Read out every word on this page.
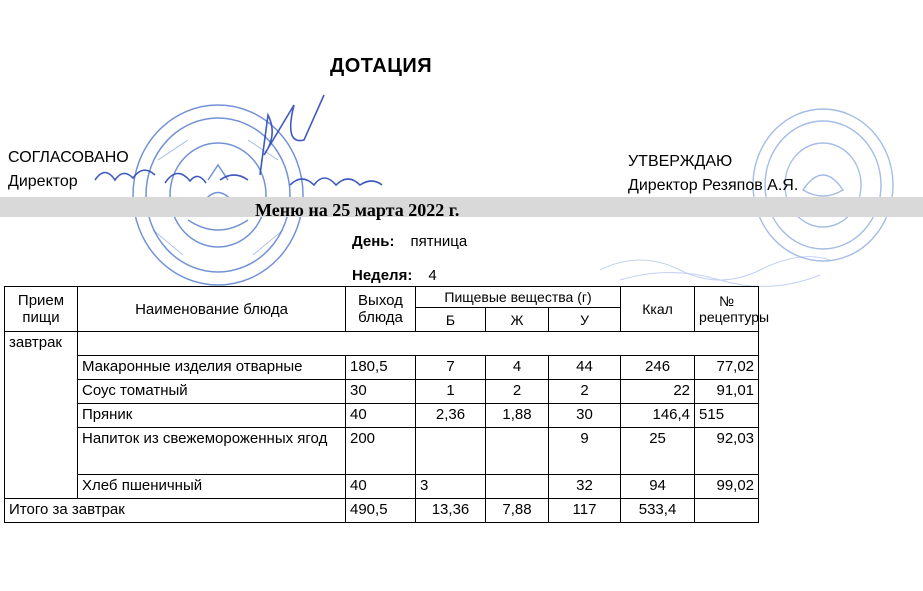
ДОТАЦИЯ
СОГЛАСОВАНО
Директор
УТВЕРЖДАЮ
Директор Резяпов А.Я.
Меню на 25 марта 2022 г.
День: пятница
Неделя: 4
Прием пищи	Наименование блюда	Выход блюда	Пищевые вещества (г)			Ккал	№ рецептуры
			Б	Ж	У		
завтрак							
	Макаронные изделия отварные	180,5	7	4	44	246	77,02
	Соус томатный	30	1	2	2	22	91,01
	Пряник	40	2,36	1,88	30	146,4	515
	Напиток из свежемороженных ягод	200			9	25	92,03
	Хлеб пшеничный	40	3		32	94	99,02
Итого за завтрак		490,5	13,36	7,88	117	533,4	
